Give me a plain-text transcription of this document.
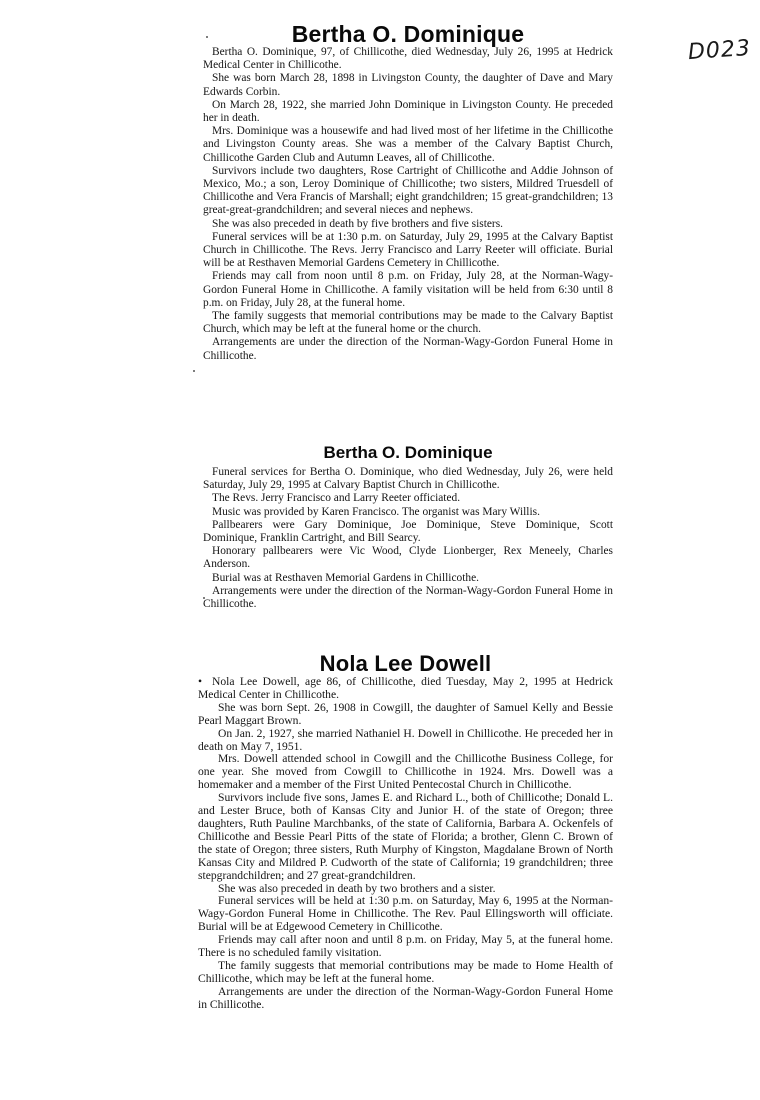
D023
Bertha O. Dominique

Bertha O. Dominique, 97, of Chillicothe, died Wednesday, July 26, 1995 at Hedrick Medical Center in Chillicothe.

She was born March 28, 1898 in Livingston County, the daughter of Dave and Mary Edwards Corbin.

On March 28, 1922, she married John Dominique in Livingston County. He preceded her in death.

Mrs. Dominique was a housewife and had lived most of her lifetime in the Chillicothe and Livingston County areas. She was a member of the Calvary Baptist Church, Chillicothe Garden Club and Autumn Leaves, all of Chillicothe.

Survivors include two daughters, Rose Cartright of Chillicothe and Addie Johnson of Mexico, Mo.; a son, Leroy Dominique of Chillicothe; two sisters, Mildred Truesdell of Chillicothe and Vera Francis of Marshall; eight grandchildren; 15 great-grandchildren; 13 great-great-grandchildren; and several nieces and nephews.

She was also preceded in death by five brothers and five sisters.

Funeral services will be at 1:30 p.m. on Saturday, July 29, 1995 at the Calvary Baptist Church in Chillicothe. The Revs. Jerry Francisco and Larry Reeter will officiate. Burial will be at Resthaven Memorial Gardens Cemetery in Chillicothe.

Friends may call from noon until 8 p.m. on Friday, July 28, at the Norman-Wagy-Gordon Funeral Home in Chillicothe. A family visitation will be held from 6:30 until 8 p.m. on Friday, July 28, at the funeral home.

The family suggests that memorial contributions may be made to the Calvary Baptist Church, which may be left at the funeral home or the church.

Arrangements are under the direction of the Norman-Wagy-Gordon Funeral Home in Chillicothe.

Bertha O. Dominique

Funeral services for Bertha O. Dominique, who died Wednesday, July 26, were held Saturday, July 29, 1995 at Calvary Baptist Church in Chillicothe.

The Revs. Jerry Francisco and Larry Reeter officiated.

Music was provided by Karen Francisco. The organist was Mary Willis.

Pallbearers were Gary Dominique, Joe Dominique, Steve Dominique, Scott Dominique, Franklin Cartright, and Bill Searcy.

Honorary pallbearers were Vic Wood, Clyde Lionberger, Rex Meneely, Charles Anderson.

Burial was at Resthaven Memorial Gardens in Chillicothe.

Arrangements were under the direction of the Norman-Wagy-Gordon Funeral Home in Chillicothe.

Nola Lee Dowell

• Nola Lee Dowell, age 86, of Chillicothe, died Tuesday, May 2, 1995 at Hedrick Medical Center in Chillicothe.

She was born Sept. 26, 1908 in Cowgill, the daughter of Samuel Kelly and Bessie Pearl Maggart Brown.

On Jan. 2, 1927, she married Nathaniel H. Dowell in Chillicothe. He preceded her in death on May 7, 1951.

Mrs. Dowell attended school in Cowgill and the Chillicothe Business College, for one year. She moved from Cowgill to Chillicothe in 1924. Mrs. Dowell was a homemaker and a member of the First United Pentecostal Church in Chillicothe.

Survivors include five sons, James E. and Richard L., both of Chillicothe; Donald L. and Lester Bruce, both of Kansas City and Junior H. of the state of Oregon; three daughters, Ruth Pauline Marchbanks, of the state of California, Barbara A. Ockenfels of Chillicothe and Bessie Pearl Pitts of the state of Florida; a brother, Glenn C. Brown of the state of Oregon; three sisters, Ruth Murphy of Kingston, Magdalane Brown of North Kansas City and Mildred P. Cudworth of the state of California; 19 grandchildren; three stepgrandchildren; and 27 great-grandchildren.

She was also preceded in death by two brothers and a sister.

Funeral services will be held at 1:30 p.m. on Saturday, May 6, 1995 at the Norman-Wagy-Gordon Funeral Home in Chillicothe. The Rev. Paul Ellingsworth will officiate. Burial will be at Edgewood Cemetery in Chillicothe.

Friends may call after noon and until 8 p.m. on Friday, May 5, at the funeral home. There is no scheduled family visitation.

The family suggests that memorial contributions may be made to Home Health of Chillicothe, which may be left at the funeral home.

Arrangements are under the direction of the Norman-Wagy-Gordon Funeral Home in Chillicothe.
